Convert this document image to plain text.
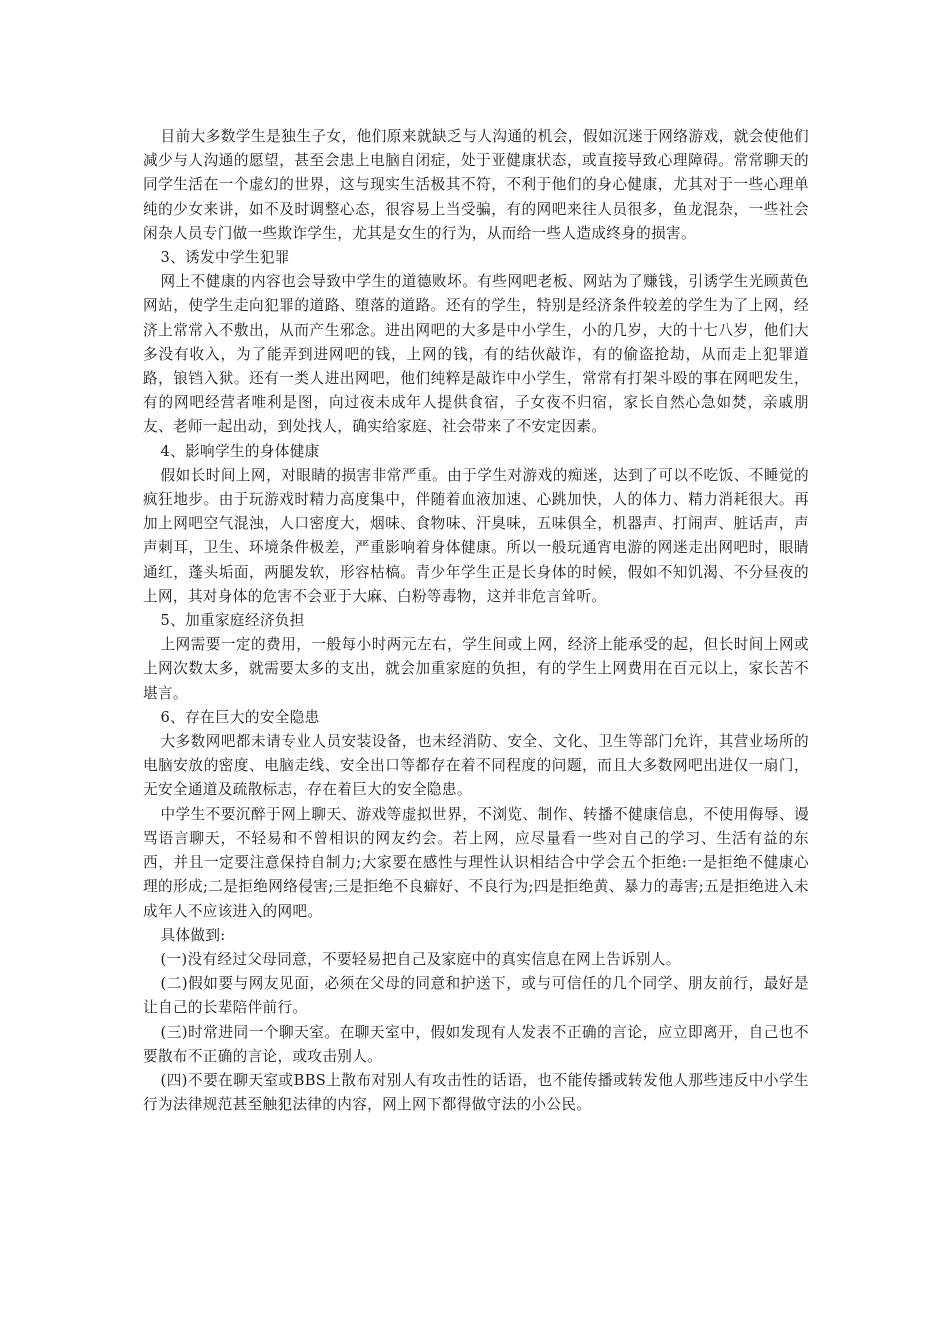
目前大多数学生是独生子女，他们原来就缺乏与人沟通的机会，假如沉迷于网络游戏，就会使他们减少与人沟通的愿望，甚至会患上电脑自闭症，处于亚健康状态，或直接导致心理障碍。常常聊天的同学生活在一个虚幻的世界，这与现实生活极其不符，不利于他们的身心健康，尤其对于一些心理单纯的少女来讲，如不及时调整心态，很容易上当受骗，有的网吧来往人员很多，鱼龙混杂，一些社会闲杂人员专门做一些欺诈学生，尤其是女生的行为，从而给一些人造成终身的损害。

3、诱发中学生犯罪

网上不健康的内容也会导致中学生的道德败坏。有些网吧老板、网站为了赚钱，引诱学生光顾黄色网站，使学生走向犯罪的道路、堕落的道路。还有的学生，特别是经济条件较差的学生为了上网，经济上常常入不敷出，从而产生邪念。进出网吧的大多是中小学生，小的几岁，大的十七八岁，他们大多没有收入，为了能弄到进网吧的钱，上网的钱，有的结伙敲诈，有的偷盗抢劫，从而走上犯罪道路，锒铛入狱。还有一类人进出网吧，他们纯粹是敲诈中小学生，常常有打架斗殴的事在网吧发生，有的网吧经营者唯利是图，向过夜未成年人提供食宿，子女夜不归宿，家长自然心急如焚，亲戚朋友、老师一起出动，到处找人，确实给家庭、社会带来了不安定因素。

4、影响学生的身体健康

假如长时间上网，对眼睛的损害非常严重。由于学生对游戏的痴迷，达到了可以不吃饭、不睡觉的疯狂地步。由于玩游戏时精力高度集中，伴随着血液加速、心跳加快，人的体力、精力消耗很大。再加上网吧空气混浊，人口密度大，烟味、食物味、汗臭味，五味俱全，机器声、打闹声、脏话声，声声刺耳，卫生、环境条件极差，严重影响着身体健康。所以一般玩通宵电游的网迷走出网吧时，眼睛通红，蓬头垢面，两腿发软，形容枯槁。青少年学生正是长身体的时候，假如不知饥渴、不分昼夜的上网，其对身体的危害不会亚于大麻、白粉等毒物，这并非危言耸听。

5、加重家庭经济负担

上网需要一定的费用，一般每小时两元左右，学生间或上网，经济上能承受的起，但长时间上网或上网次数太多，就需要太多的支出，就会加重家庭的负担，有的学生上网费用在百元以上，家长苦不堪言。

6、存在巨大的安全隐患

大多数网吧都未请专业人员安装设备，也未经消防、安全、文化、卫生等部门允许，其营业场所的电脑安放的密度、电脑走线、安全出口等都存在着不同程度的问题，而且大多数网吧出进仅一扇门，无安全通道及疏散标志，存在着巨大的安全隐患。

中学生不要沉醉于网上聊天、游戏等虚拟世界，不浏览、制作、转播不健康信息，不使用侮辱、谩骂语言聊天，不轻易和不曾相识的网友约会。若上网，应尽量看一些对自己的学习、生活有益的东西，并且一定要注意保持自制力;大家要在感性与理性认识相结合中学会五个拒绝:一是拒绝不健康心理的形成;二是拒绝网络侵害;三是拒绝不良癖好、不良行为;四是拒绝黄、暴力的毒害;五是拒绝进入未成年人不应该进入的网吧。

具体做到:

(一)没有经过父母同意，不要轻易把自己及家庭中的真实信息在网上告诉别人。

(二)假如要与网友见面，必须在父母的同意和护送下，或与可信任的几个同学、朋友前行，最好是让自己的长辈陪伴前行。

(三)时常进同一个聊天室。在聊天室中，假如发现有人发表不正确的言论，应立即离开，自己也不要散布不正确的言论，或攻击别人。

(四)不要在聊天室或BBS上散布对别人有攻击性的话语，也不能传播或转发他人那些违反中小学生行为法律规范甚至触犯法律的内容，网上网下都得做守法的小公民。
